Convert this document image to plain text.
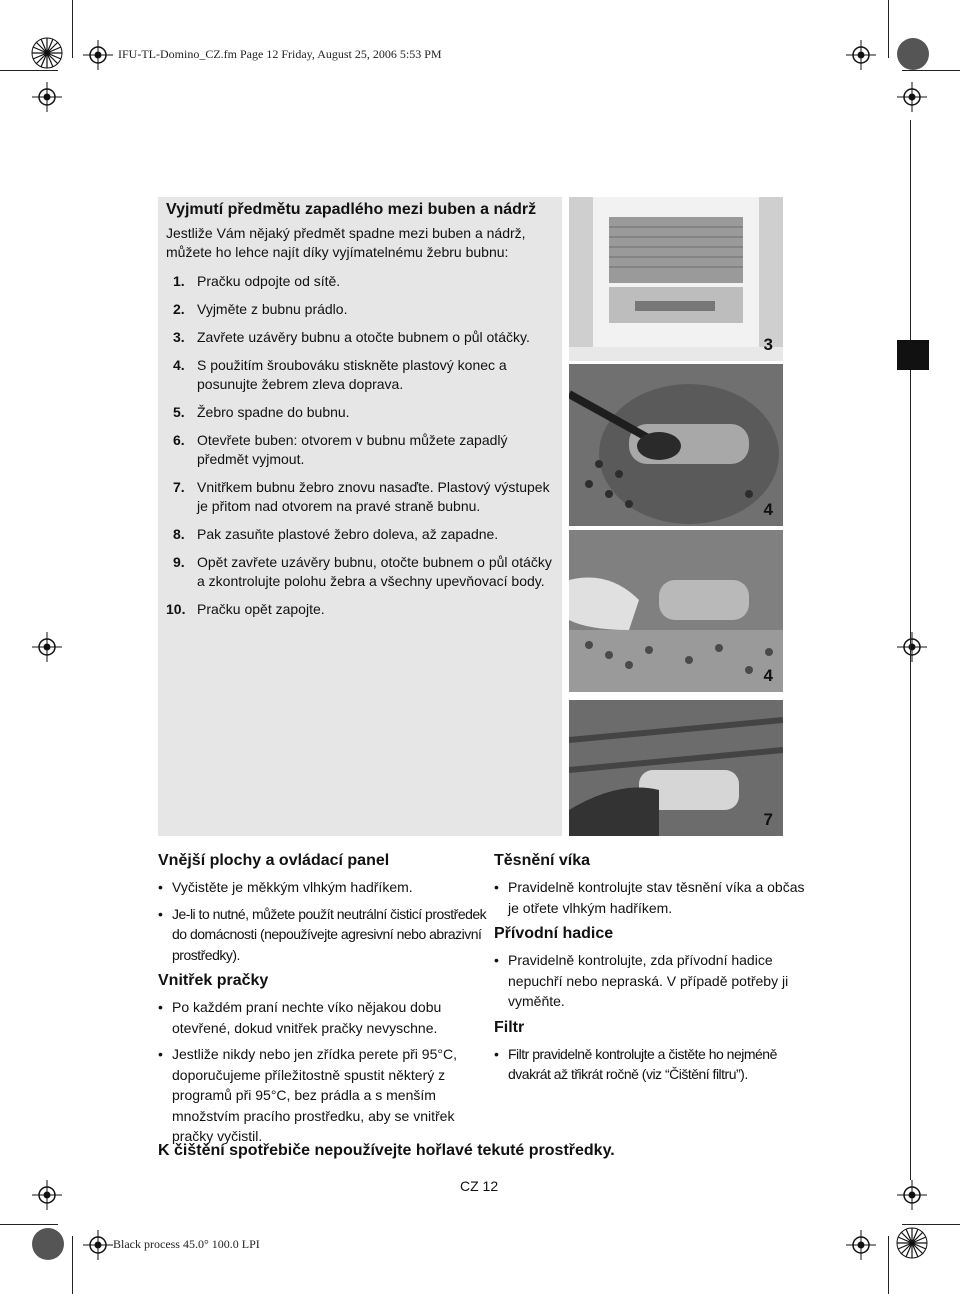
IFU-TL-Domino_CZ.fm Page 12 Friday, August 25, 2006 5:53 PM
Black process 45.0° 100.0 LPI
Vyjmutí předmětu zapadlého mezi buben a nádrž

Jestliže Vám nějaký předmět spadne mezi buben a nádrž, můžete ho lehce najít díky vyjímatelnému žebru bubnu:

1. Pračku odpojte od sítě.
2. Vyjměte z bubnu prádlo.
3. Zavřete uzávěry bubnu a otočte bubnem o půl otáčky.
4. S použitím šroubováku stiskněte plastový konec a posunujte žebrem zleva doprava.
5. Žebro spadne do bubnu.
6. Otevřete buben: otvorem v bubnu můžete zapadlý předmět vyjmout.
7. Vnitřkem bubnu žebro znovu nasaďte. Plastový výstupek je přitom nad otvorem na pravé straně bubnu.
8. Pak zasuňte plastové žebro doleva, až zapadne.
9. Opět zavřete uzávěry bubnu, otočte bubnem o půl otáčky a zkontrolujte polohu žebra a všechny upevňovací body.
10. Pračku opět zapojte.
3
4
4
7
Vnější plochy a ovládací panel
• Vyčistěte je měkkým vlhkým hadříkem.
• Je-li to nutné, můžete použít neutrální čisticí prostředek do domácnosti (nepoužívejte agresivní nebo abrazivní prostředky).
Vnitřek pračky
• Po každém praní nechte víko nějakou dobu otevřené, dokud vnitřek pračky nevyschne.
• Jestliže nikdy nebo jen zřídka perete při 95°C, doporučujeme příležitostně spustit některý z programů při 95°C, bez prádla a s menším množstvím pracího prostředku, aby se vnitřek pračky vyčistil.
Těsnění víka
• Pravidelně kontrolujte stav těsnění víka a občas je otřete vlhkým hadříkem.
Přívodní hadice
• Pravidelně kontrolujte, zda přívodní hadice nepuchří nebo nepraská. V případě potřeby ji vyměňte.
Filtr
• Filtr pravidelně kontrolujte a čistěte ho nejméně dvakrát až třikrát ročně (viz “Čištění filtru”).
K čištění spotřebiče nepoužívejte hořlavé tekuté prostředky.
CZ 12
